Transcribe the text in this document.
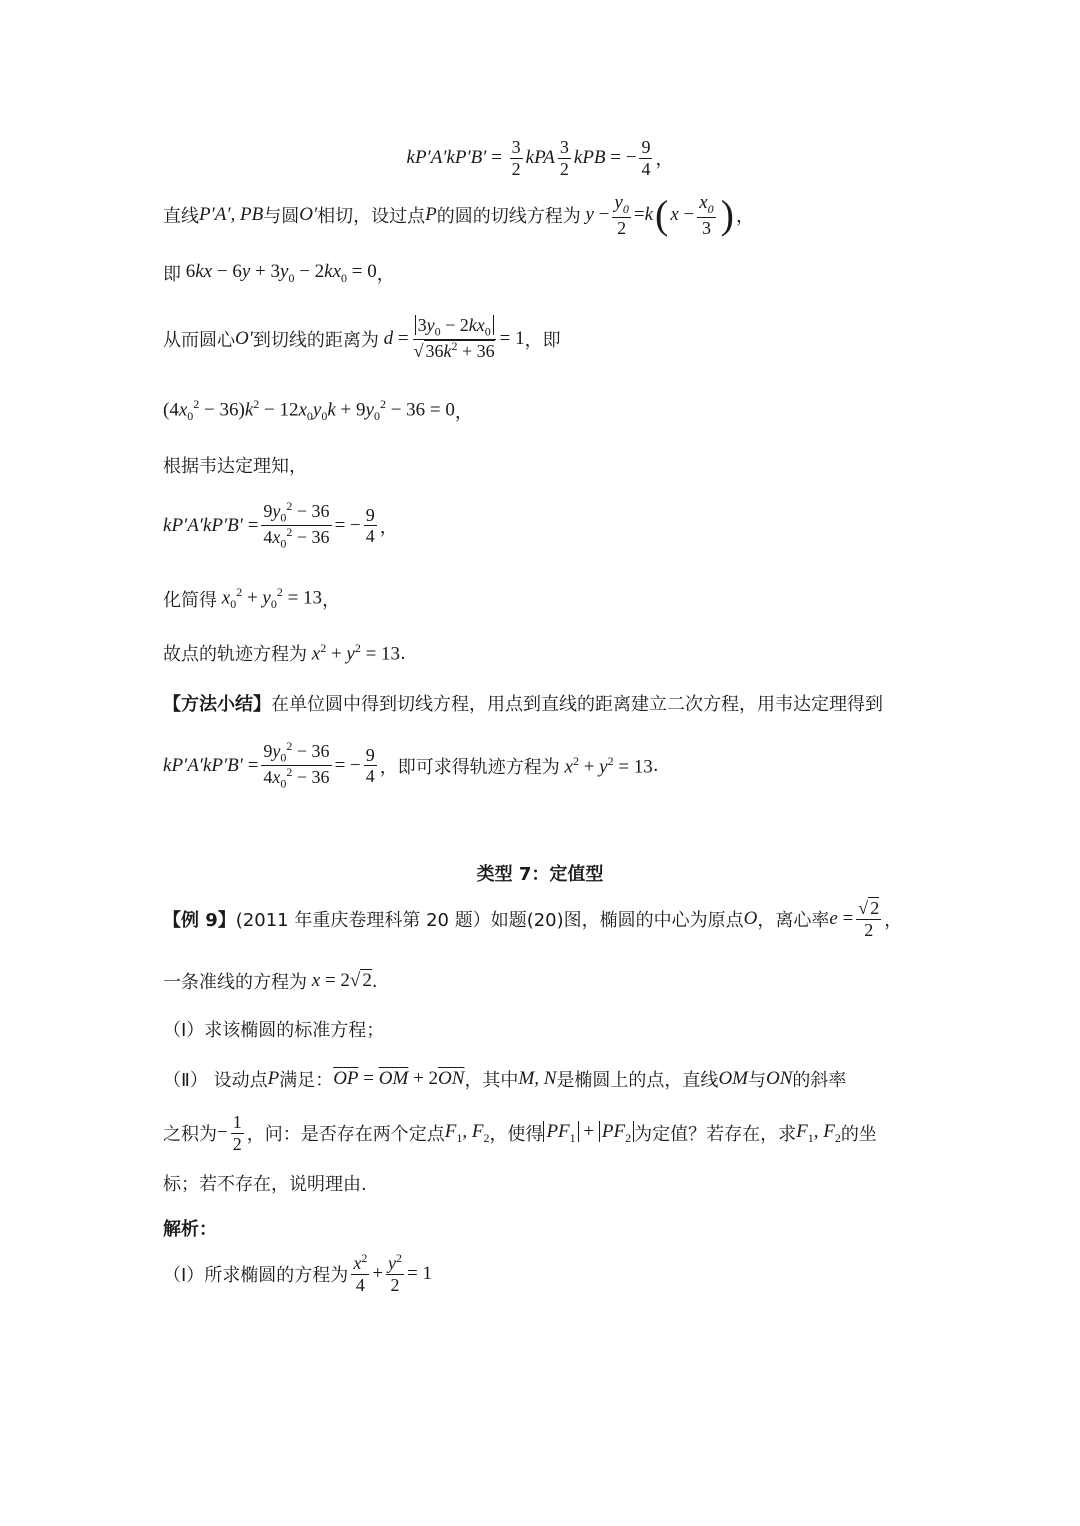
k P′A′ k $P'B' = \frac{3}{2}$ k PA $\frac{3}{2}$ k PB = − $\frac{9}{4}$ ，
直线 P′A′, PB 与圆 O′ 相切，设过点 P 的圆的切线方程为 $y - \frac{y_0}{2} = k$ ( $x - \frac{x_0}{3}$ ) ，
即 $6kx - 6y + 3y_0 - 2kx_0 = 0$ ，
从而圆心 O′ 到切线的距离为 $d = \frac{3y_0 - 2kx_0}{√ 36k^2 + 36} = 1$ ，即
$(4x_0^2 - 36)k^2 - 12x_0y_0k + 9y_0^2 - 36 = 0$ ，
根据韦达定理知，
k P′A′ k $P'B' = \frac{9y_0^2 - 36}{4x_0^2 - 36}$ = − $\frac{9}{4}$ ，
化简得 $x_0^2 + y_0^2 = 13$ ，
故点的轨迹方程为 $x^2 + y^2 = 13$ .
【方法小结】 在单位圆中得到切线方程，用点到直线的距离建立二次方程，用韦达定理得到
k P′A′ k $P'B' = \frac{9y_0^2 - 36}{4x_0^2 - 36}$ = − $\frac{9}{4}$ ，即可求得轨迹方程为 $x^2 + y^2 = 13$ .
类型 7：定值型
【例 9】 (2011 年重庆卷理科第 20 题）如题(20)图，椭圆的中心为原点 O ，离心率 $e = \frac{√ 2}{2}$ ，
一条准线的方程为 x = 2√ 2 .
（Ⅰ）求该椭圆的标准方程；
（Ⅱ） 设动点 P 满足： $\overline{OP} = \overline{OM} + 2\overline{ON}$ ，其中 M, N 是椭圆上的点，直线 OM 与 ON 的斜率
之积为 − $\frac{1}{2}$ ，问：是否存在两个定点 $F_1$, $F_2$ ，使得 $PF_1 + PF_2$ 为定值？若存在，求 $F_1$, $F_2$ 的坐
标；若不存在，说明理由.
解析：
（Ⅰ）所求椭圆的方程为 $\frac{x^2}{4} + \frac{y^2}{2} = 1$
